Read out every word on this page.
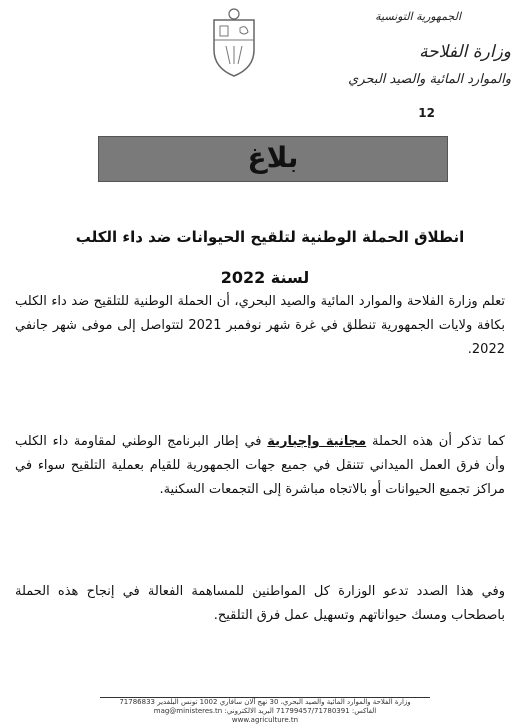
الجمهورية التونسية
وزارة الفلاحة
والموارد المائية والصيد البحري
12
بلاغ
انطلاق الحملة الوطنية لتلقيح الحيوانات ضد داء الكلب
لسنة 2022
تعلم وزارة الفلاحة والموارد المائية والصيد البحري، أن الحملة الوطنية للتلقيح ضد داء الكلب بكافة ولايات الجمهورية تنطلق في غرة شهر نوفمبر 2021 لتتواصل إلى موفى شهر جانفي 2022.
كما تذكر أن هذه الحملة مجانية وإجبارية في إطار البرنامج الوطني لمقاومة داء الكلب وأن فرق العمل الميداني تتنقل في جميع جهات الجمهورية للقيام بعملية التلقيح سواء في مراكز تجميع الحيوانات أو بالاتجاه مباشرة إلى التجمعات السكنية.
وفي هذا الصدد تدعو الوزارة كل المواطنين للمساهمة الفعالة في إنجاح هذه الحملة باصطحاب ومسك حيواناتهم وتسهيل عمل فرق التلقيح.
وزارة الفلاحة والموارد المائية والصيد البحري، 30 نهج آلان سافاري 1002 تونس البلفدير 71786833
الفاكس: 71799457/71780391 البريد الالكتروني: mag@ministeres.tn
www.agriculture.tn
